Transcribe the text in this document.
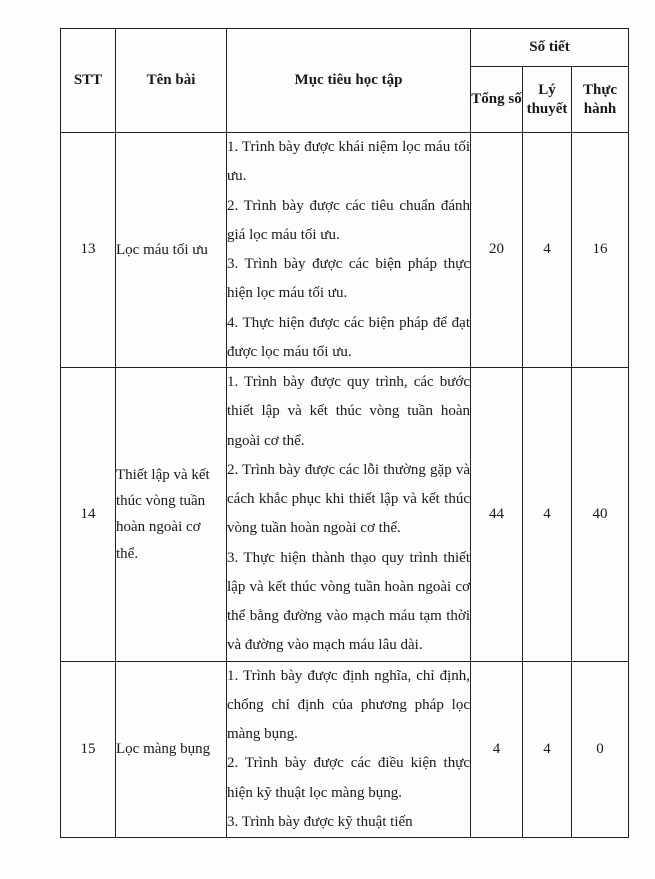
STT	Tên bài	Mục tiêu học tập	Số tiết		
			Tổng số	Lý thuyết	Thực hành
13	Lọc máu tối ưu	1. Trình bày được khái niệm lọc máu tối ưu.
2. Trình bày được các tiêu chuẩn đánh giá lọc máu tối ưu.
3. Trình bày được các biện pháp thực hiện lọc máu tối ưu.
4. Thực hiện được các biện pháp để đạt được lọc máu tối ưu.	20	4	16
14	Thiết lập và kết thúc vòng tuần hoàn ngoài cơ thể.	1. Trình bày được quy trình, các bước thiết lập và kết thúc vòng tuần hoàn ngoài cơ thể.
2. Trình bày được các lỗi thường gặp và cách khắc phục khi thiết lập và kết thúc vòng tuần hoàn ngoài cơ thể.
3. Thực hiện thành thạo quy trình thiết lập và kết thúc vòng tuần hoàn ngoài cơ thể bằng đường vào mạch máu tạm thời và đường vào mạch máu lâu dài.	44	4	40
15	Lọc màng bụng	1. Trình bày được định nghĩa, chỉ định, chống chỉ định của phương pháp lọc màng bụng.
2. Trình bày được các điều kiện thực hiện kỹ thuật lọc màng bụng.
3. Trình bày được kỹ thuật tiến	4	4	0
